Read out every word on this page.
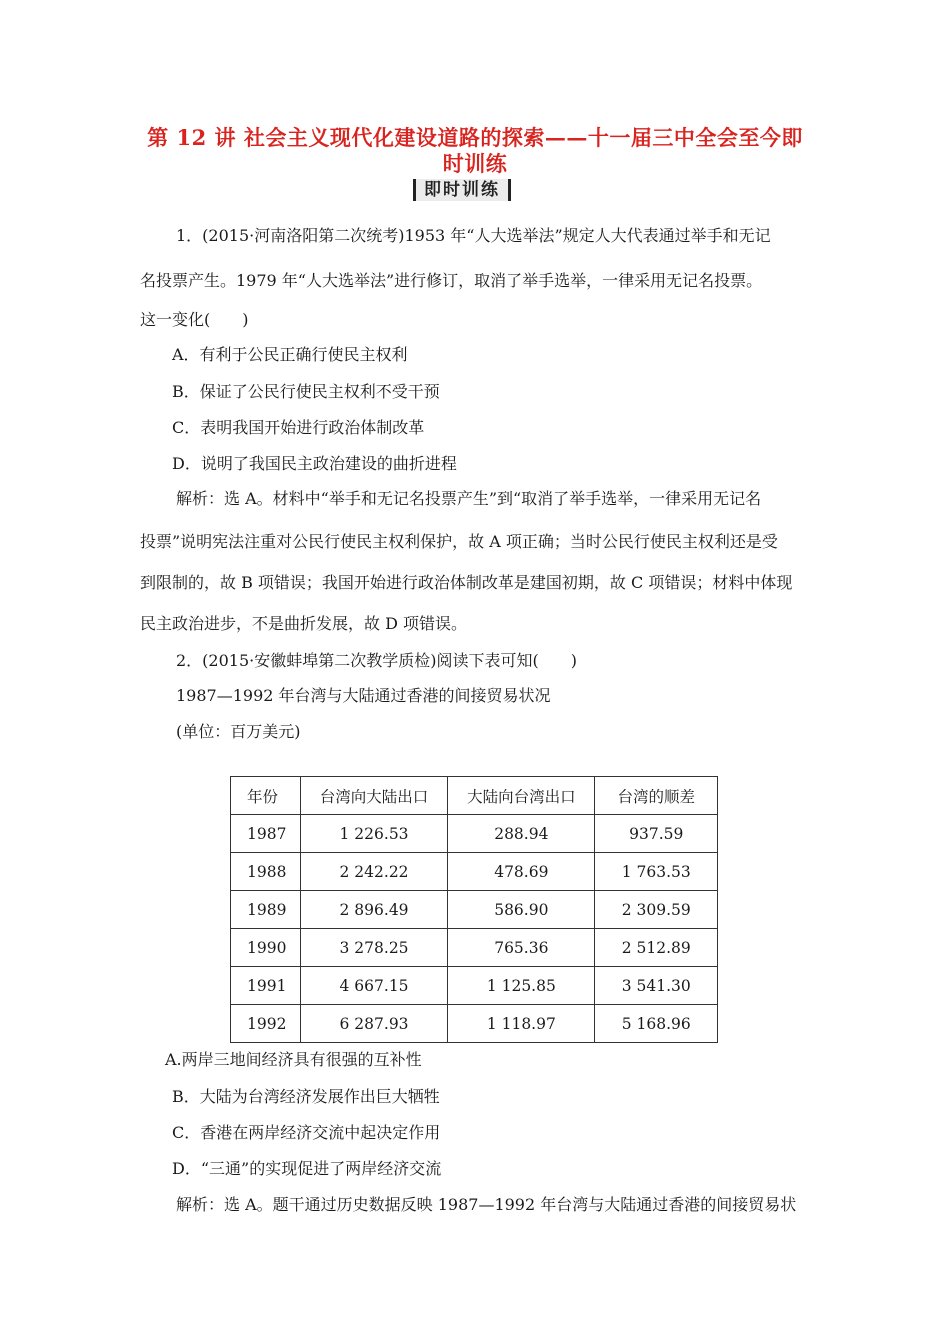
第 12 讲 社会主义现代化建设道路的探索——十一届三中全会至今即
时训练
即时训练
1．(2015·河南洛阳第二次统考)1953 年“人大选举法”规定人大代表通过举手和无记
名投票产生。1979 年“人大选举法”进行修订，取消了举手选举，一律采用无记名投票。
这一变化(　　)
A．有利于公民正确行使民主权利
B．保证了公民行使民主权利不受干预
C．表明我国开始进行政治体制改革
D．说明了我国民主政治建设的曲折进程
解析：选 A。材料中“举手和无记名投票产生”到“取消了举手选举，一律采用无记名
投票”说明宪法注重对公民行使民主权利保护，故 A 项正确；当时公民行使民主权利还是受
到限制的，故 B 项错误；我国开始进行政治体制改革是建国初期，故 C 项错误；材料中体现
民主政治进步，不是曲折发展，故 D 项错误。
2．(2015·安徽蚌埠第二次教学质检)阅读下表可知(　　)
1987—1992 年台湾与大陆通过香港的间接贸易状况
(单位：百万美元)
年份	台湾向大陆出口	大陆向台湾出口	台湾的顺差
1987	1 226.53	288.94	937.59
1988	2 242.22	478.69	1 763.53
1989	2 896.49	586.90	2 309.59
1990	3 278.25	765.36	2 512.89
1991	4 667.15	1 125.85	3 541.30
1992	6 287.93	1 118.97	5 168.96
A.两岸三地间经济具有很强的互补性
B．大陆为台湾经济发展作出巨大牺牲
C．香港在两岸经济交流中起决定作用
D．“三通”的实现促进了两岸经济交流
解析：选 A。题干通过历史数据反映 1987—1992 年台湾与大陆通过香港的间接贸易状
